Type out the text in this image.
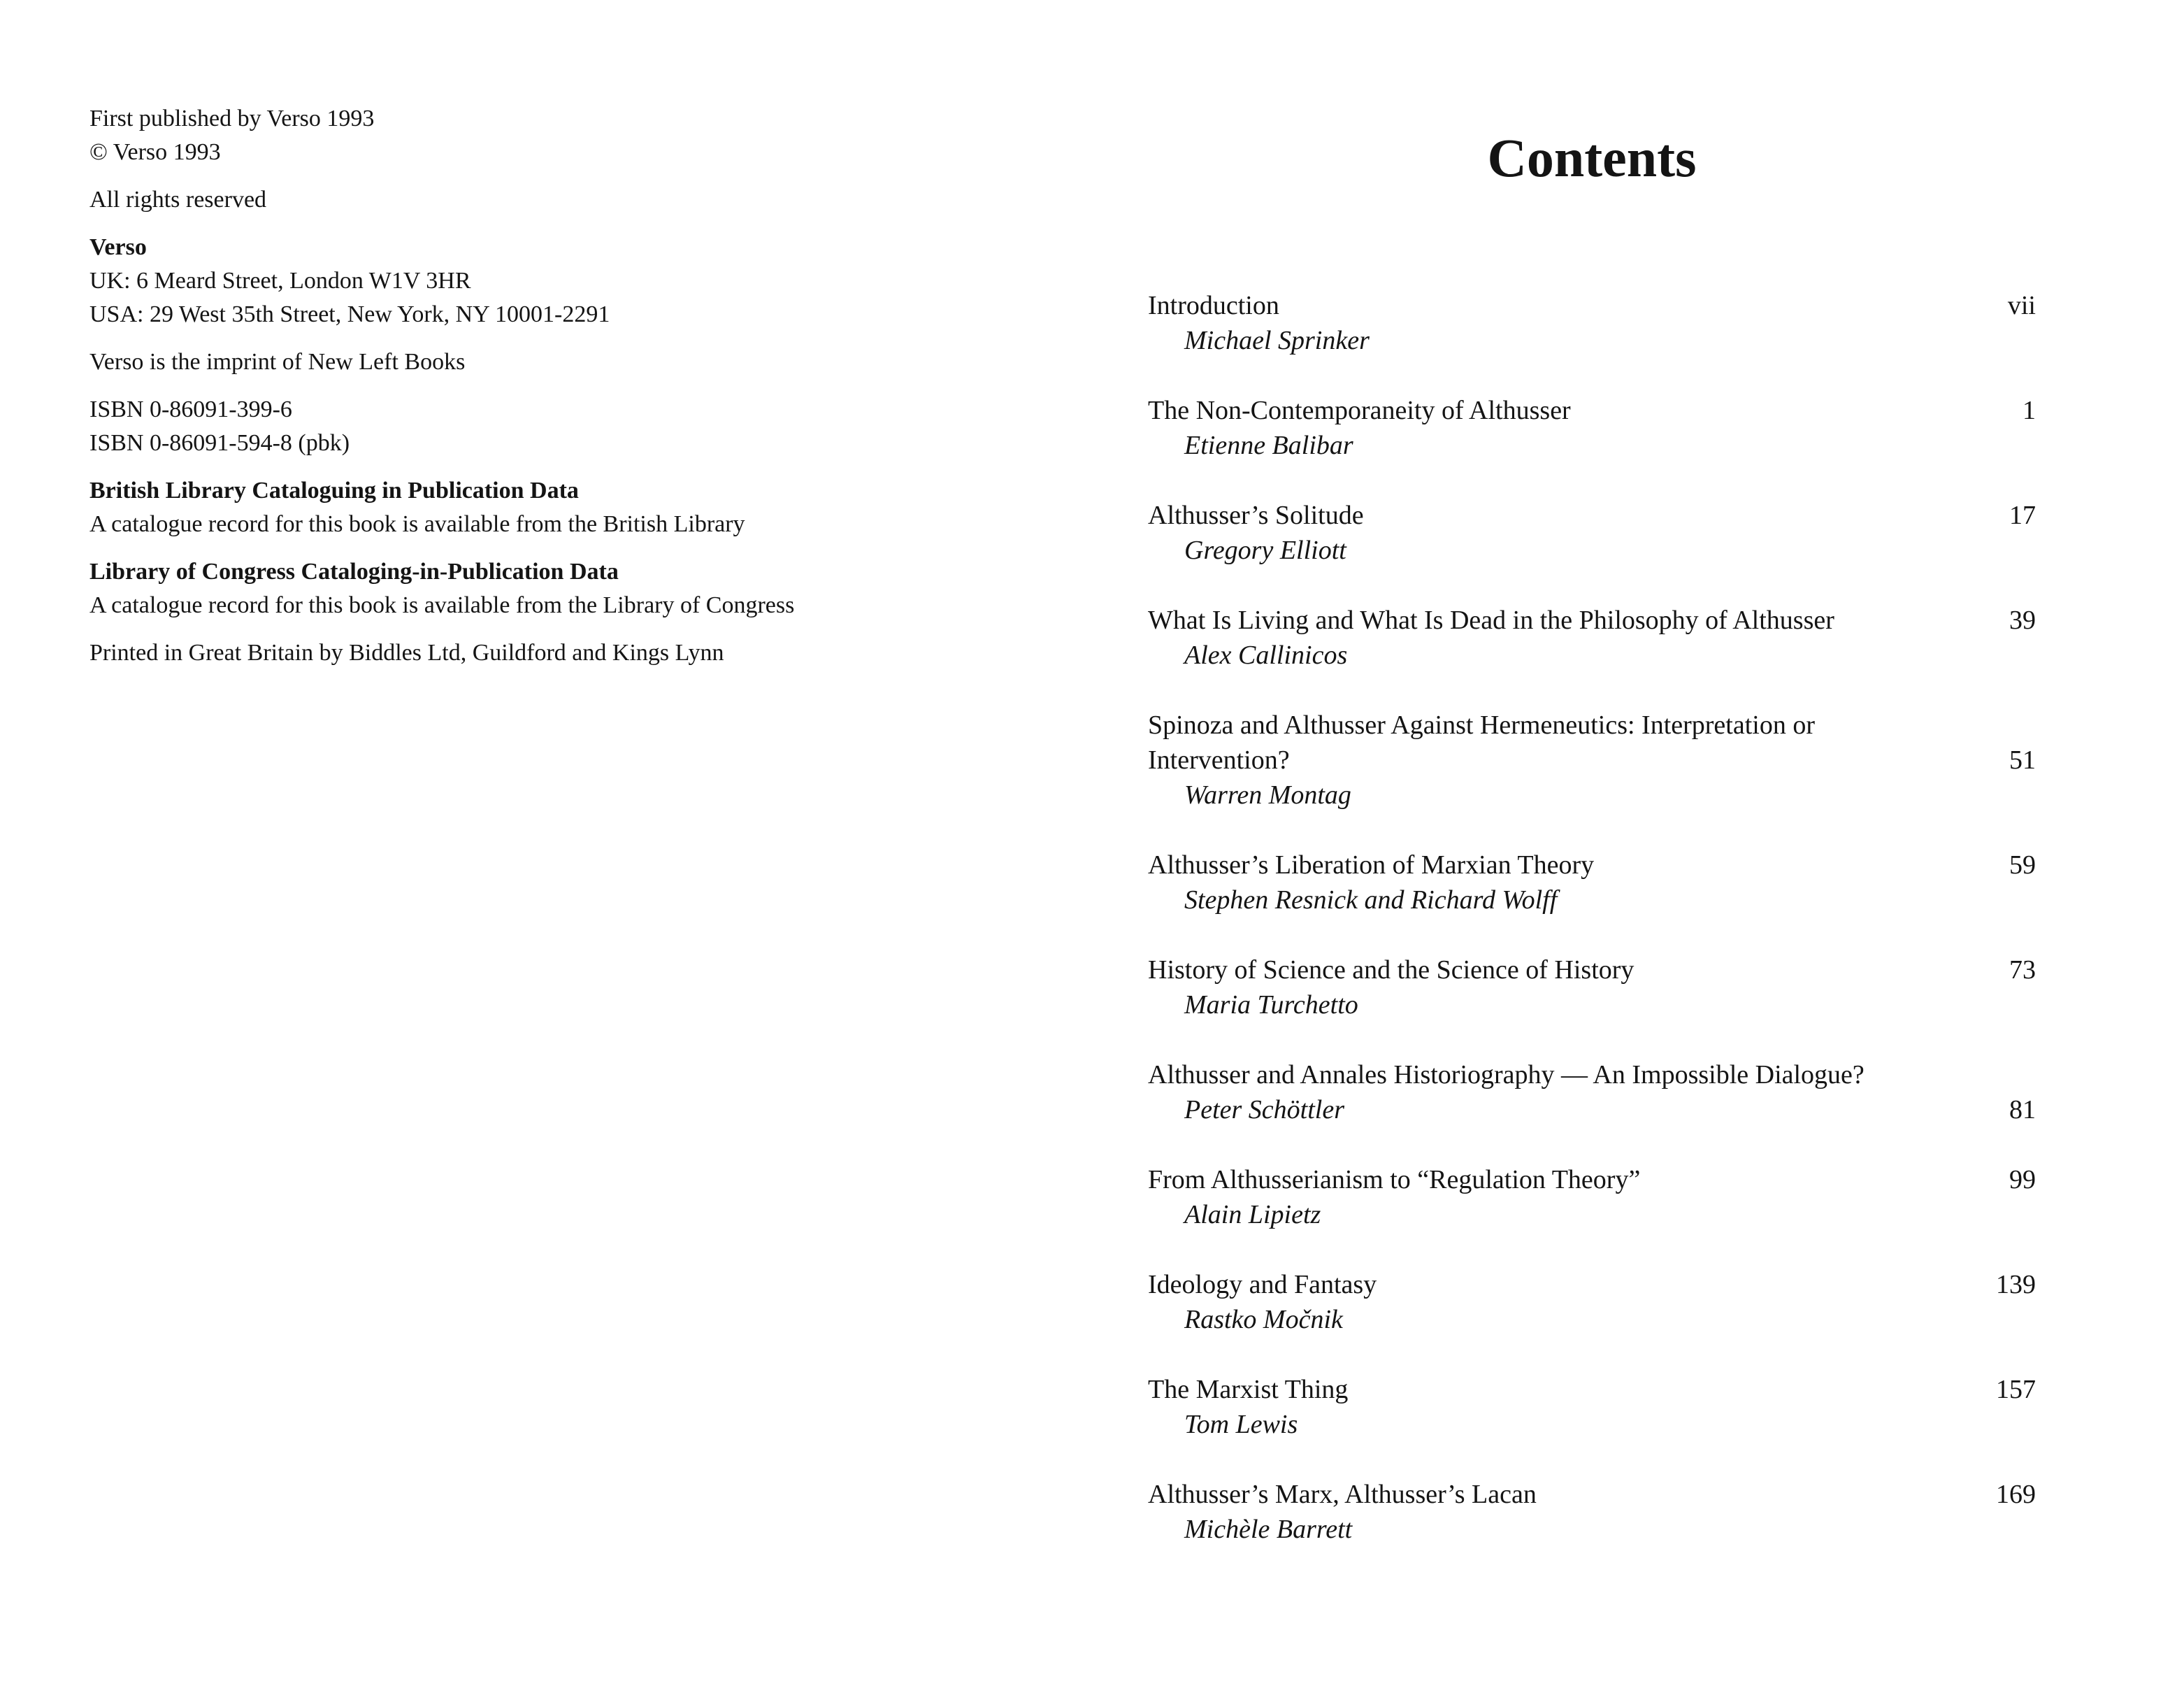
First published by Verso 1993

© Verso 1993

All rights reserved

Verso

UK: 6 Meard Street, London W1V 3HR

USA: 29 West 35th Street, New York, NY 10001-2291

Verso is the imprint of New Left Books

ISBN 0-86091-399-6

ISBN 0-86091-594-8 (pbk)

British Library Cataloguing in Publication Data

A catalogue record for this book is available from the British Library

Library of Congress Cataloging-in-Publication Data

A catalogue record for this book is available from the Library of Congress

Printed in Great Britain by Biddles Ltd, Guildford and Kings Lynn

Contents
Introduction
Michael Sprinker
vii
The Non-Contemporaneity of Althusser
Etienne Balibar
1
Althusser’s Solitude
Gregory Elliott
17
What Is Living and What Is Dead in the Philosophy of Althusser
Alex Callinicos
39
Spinoza and Althusser Against Hermeneutics: Interpretation or Intervention?
Warren Montag
51
Althusser’s Liberation of Marxian Theory
Stephen Resnick and Richard Wolff
59
History of Science and the Science of History
Maria Turchetto
73
Althusser and Annales Historiography — An Impossible Dialogue?
Peter Schöttler	81
From Althusserianism to “Regulation Theory”
Alain Lipietz
99
Ideology and Fantasy
Rastko Močnik
139
The Marxist Thing
Tom Lewis
157
Althusser’s Marx, Althusser’s Lacan
Michèle Barrett
169
